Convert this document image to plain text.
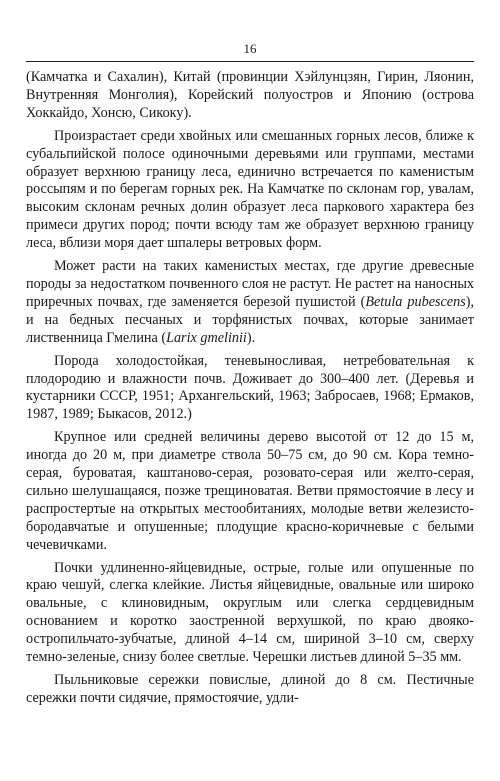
16

(Камчатка и Сахалин), Китай (провинции Хэйлунцзян, Гирин, Ляонин, Внутренняя Монголия), Корейский полуостров и Японию (острова Хоккайдо, Хонсю, Сикоку).

Произрастает среди хвойных или смешанных горных лесов, ближе к субальпийской полосе одиночными деревьями или группами, местами образует верхнюю границу леса, единично встречается по каменистым россыпям и по берегам горных рек. На Камчатке по склонам гор, увалам, высоким склонам речных долин образует леса паркового характера без примеси других пород; почти всюду там же образует верхнюю границу леса, вблизи моря дает шпалеры ветровых форм.

Может расти на таких каменистых местах, где другие древесные породы за недостатком почвенного слоя не растут. Не растет на наносных приречных почвах, где заменяется березой пушистой (Betula pubescens), и на бедных песчаных и торфянистых почвах, которые занимает лиственница Гмелина (Larix gmelinii).

Порода холодостойкая, теневыносливая, нетребовательная к плодородию и влажности почв. Доживает до 300–400 лет. (Деревья и кустарники СССР, 1951; Архангельский, 1963; Забросаев, 1968; Ермаков, 1987, 1989; Быкасов, 2012.)

Крупное или средней величины дерево высотой от 12 до 15 м, иногда до 20 м, при диаметре ствола 50–75 см, до 90 см. Кора темно-серая, буроватая, каштаново-серая, розовато-серая или желто-серая, сильно шелушащаяся, позже трещиноватая. Ветви прямостоячие в лесу и распростертые на открытых местообитаниях, молодые ветви железисто-бородавчатые и опушенные; плодущие красно-коричневые с белыми чечевичками.

Почки удлиненно-яйцевидные, острые, голые или опушенные по краю чешуй, слегка клейкие. Листья яйцевидные, овальные или широко овальные, с клиновидным, округлым или слегка сердцевидным основанием и коротко заостренной верхушкой, по краю двояко-остропильчато-зубчатые, длиной 4–14 см, шириной 3–10 см, сверху темно-зеленые, снизу более светлые. Черешки листьев длиной 5–35 мм.

Пыльниковые сережки повислые, длиной до 8 см. Пестичные сережки почти сидячие, прямостоячие, удли-
